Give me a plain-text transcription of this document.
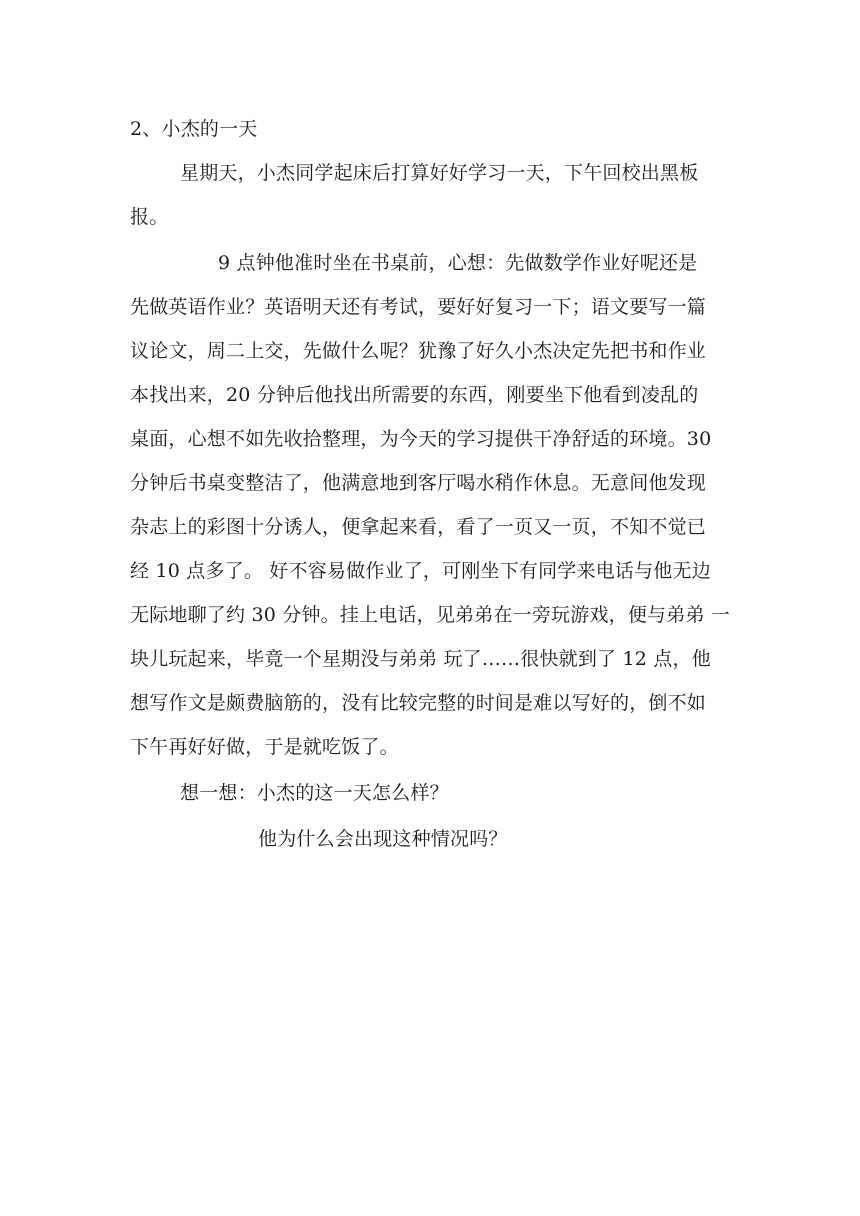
2、小杰的一天
星期天，小杰同学起床后打算好好学习一天，下午回校出黑板
报。
9 点钟他准时坐在书桌前，心想：先做数学作业好呢还是
先做英语作业？英语明天还有考试，要好好复习一下；语文要写一篇
议论文，周二上交，先做什么呢？犹豫了好久小杰决定先把书和作业
本找出来，20 分钟后他找出所需要的东西，刚要坐下他看到凌乱的
桌面，心想不如先收拾整理，为今天的学习提供干净舒适的环境。30
分钟后书桌变整洁了，他满意地到客厅喝水稍作休息。无意间他发现
杂志上的彩图十分诱人，便拿起来看，看了一页又一页，不知不觉已
经 10 点多了。 好不容易做作业了，可刚坐下有同学来电话与他无边
无际地聊了约 30 分钟。挂上电话，见弟弟在一旁玩游戏，便与弟弟 一
块儿玩起来，毕竟一个星期没与弟弟 玩了……很快就到了 12 点，他
想写作文是颇费脑筋的，没有比较完整的时间是难以写好的，倒不如
下午再好好做，于是就吃饭了。
想一想：小杰的这一天怎么样？
他为什么会出现这种情况吗？
